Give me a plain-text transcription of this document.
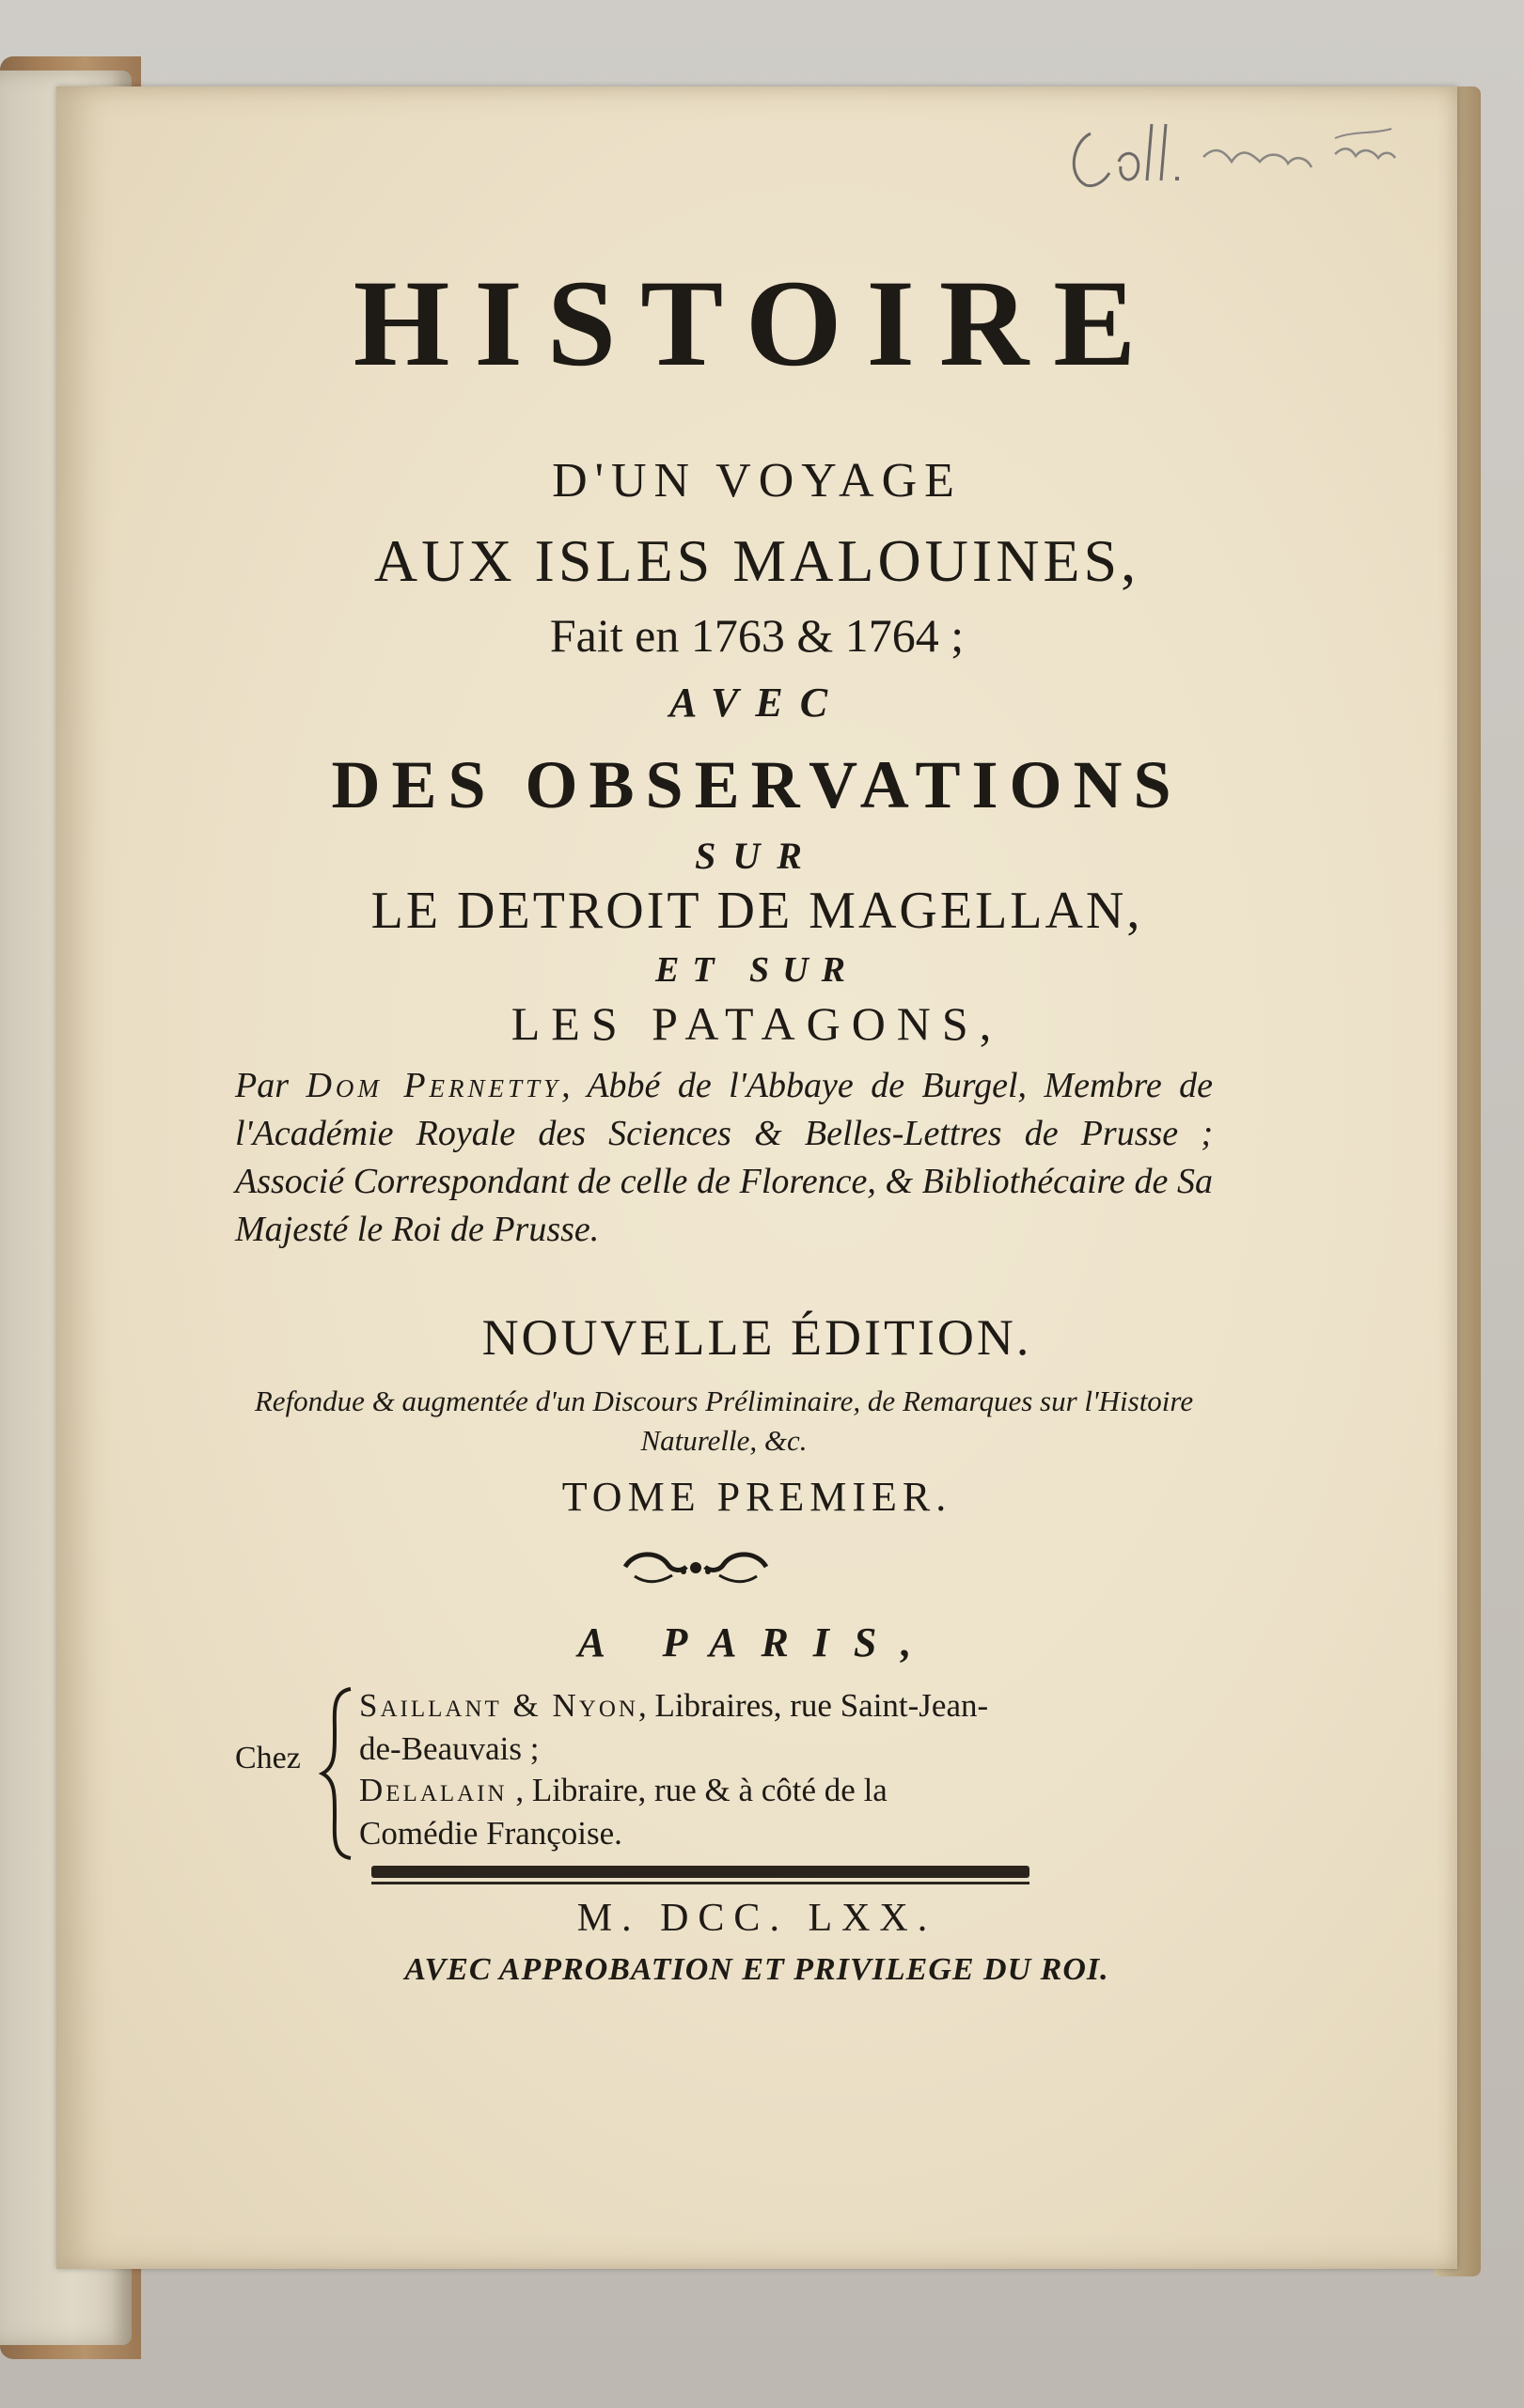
HISTOIRE
D'UN VOYAGE
AUX ISLES MALOUINES,
Fait en 1763 & 1764 ;
AVEC
DES OBSERVATIONS
SUR
LE DETROIT DE MAGELLAN,
ET SUR
LES PATAGONS,
Par Dom Pernetty, Abbé de l'Abbaye de Burgel, Membre de l'Académie Royale des Sciences & Belles-Lettres de Prusse ; Associé Correspondant de celle de Florence, & Bibliothécaire de Sa Majesté le Roi de Prusse.
NOUVELLE ÉDITION.
Refondue & augmentée d'un Discours Préliminaire, de Remarques sur l'Histoire Naturelle, &c.
TOME PREMIER.
A PARIS,
Chez
Saillant & Nyon, Libraires, rue Saint-Jean-
de-Beauvais ;
Delalain , Libraire, rue & à côté de la
Comédie Françoise.
M. DCC. LXX.
AVEC APPROBATION ET PRIVILEGE DU ROI.
